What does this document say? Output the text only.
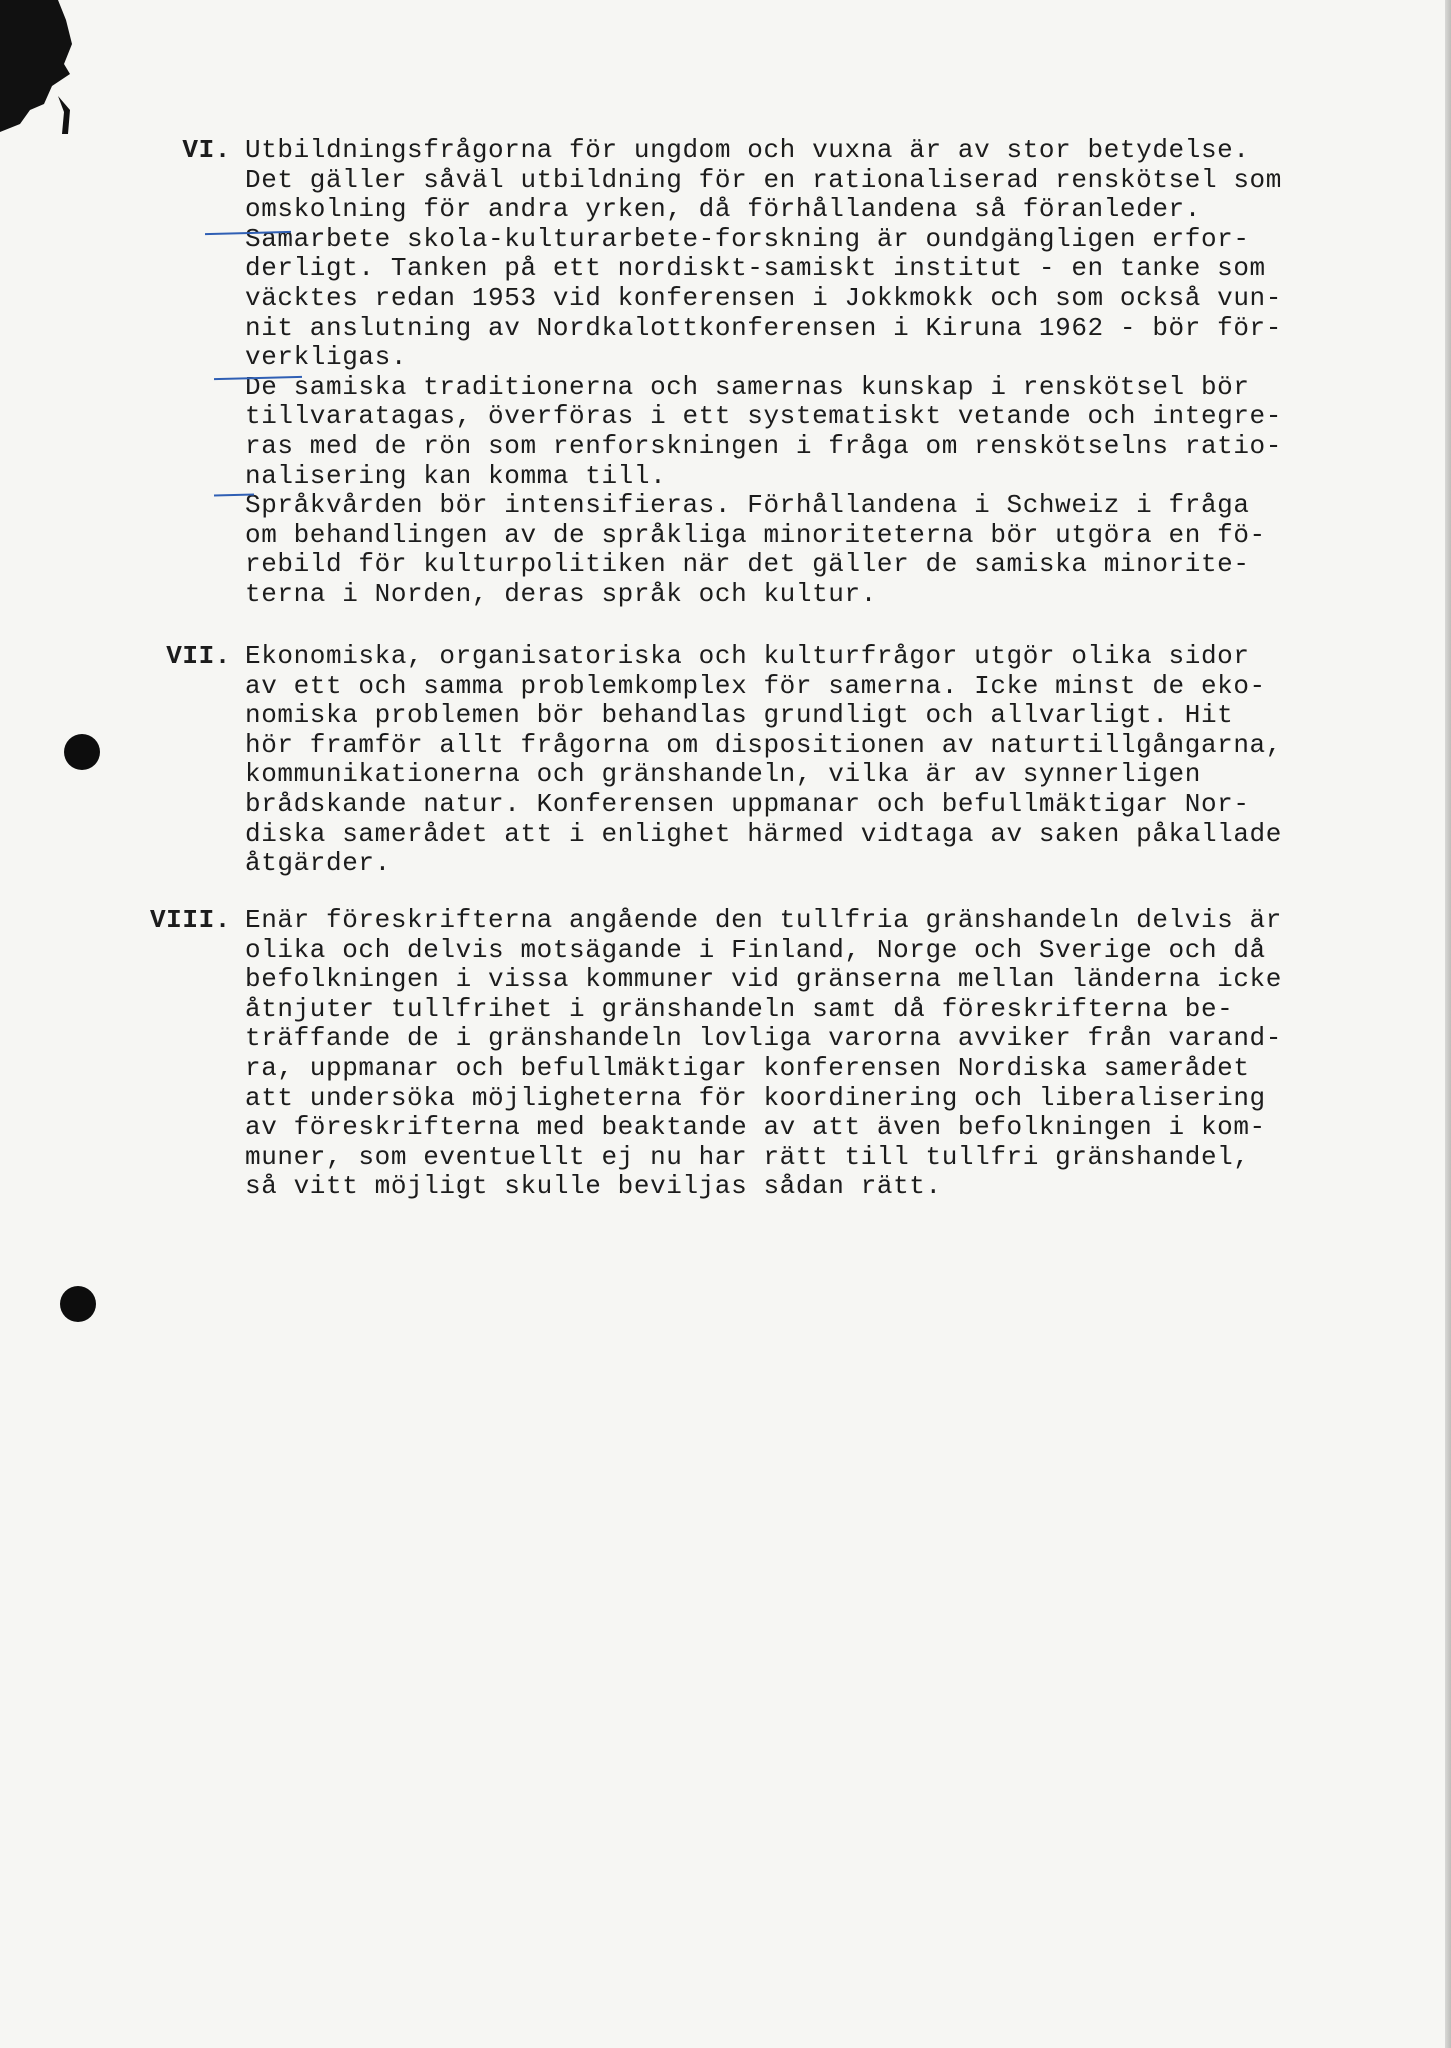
VI. Utbildningsfrågorna för ungdom och vuxna är av stor betydelse.
Det gäller såväl utbildning för en rationaliserad renskötsel som
omskolning för andra yrken, då förhållandena så föranleder.
Samarbete skola-kulturarbete-forskning är oundgängligen erfor-
derligt. Tanken på ett nordiskt-samiskt institut - en tanke som
väcktes redan 1953 vid konferensen i Jokkmokk och som också vun-
nit anslutning av Nordkalottkonferensen i Kiruna 1962 - bör för-
verkligas.
De samiska traditionerna och samernas kunskap i renskötsel bör
tillvaratagas, överföras i ett systematiskt vetande och integre-
ras med de rön som renforskningen i fråga om renskötselns ratio-
nalisering kan komma till.
Språkvården bör intensifieras. Förhållandena i Schweiz i fråga
om behandlingen av de språkliga minoriteterna bör utgöra en fö-
rebild för kulturpolitiken när det gäller de samiska minorite-
terna i Norden, deras språk och kultur.
VII. Ekonomiska, organisatoriska och kulturfrågor utgör olika sidor
av ett och samma problemkomplex för samerna. Icke minst de eko-
nomiska problemen bör behandlas grundligt och allvarligt. Hit
hör framför allt frågorna om dispositionen av naturtillgångarna,
kommunikationerna och gränshandeln, vilka är av synnerligen
brådskande natur. Konferensen uppmanar och befullmäktigar Nor-
diska samerådet att i enlighet härmed vidtaga av saken påkallade
åtgärder.
VIII. Enär föreskrifterna angående den tullfria gränshandeln delvis är
olika och delvis motsägande i Finland, Norge och Sverige och då
befolkningen i vissa kommuner vid gränserna mellan länderna icke
åtnjuter tullfrihet i gränshandeln samt då föreskrifterna be-
träffande de i gränshandeln lovliga varorna avviker från varand-
ra, uppmanar och befullmäktigar konferensen Nordiska samerådet
att undersöka möjligheterna för koordinering och liberalisering
av föreskrifterna med beaktande av att även befolkningen i kom-
muner, som eventuellt ej nu har rätt till tullfri gränshandel,
så vitt möjligt skulle beviljas sådan rätt.
